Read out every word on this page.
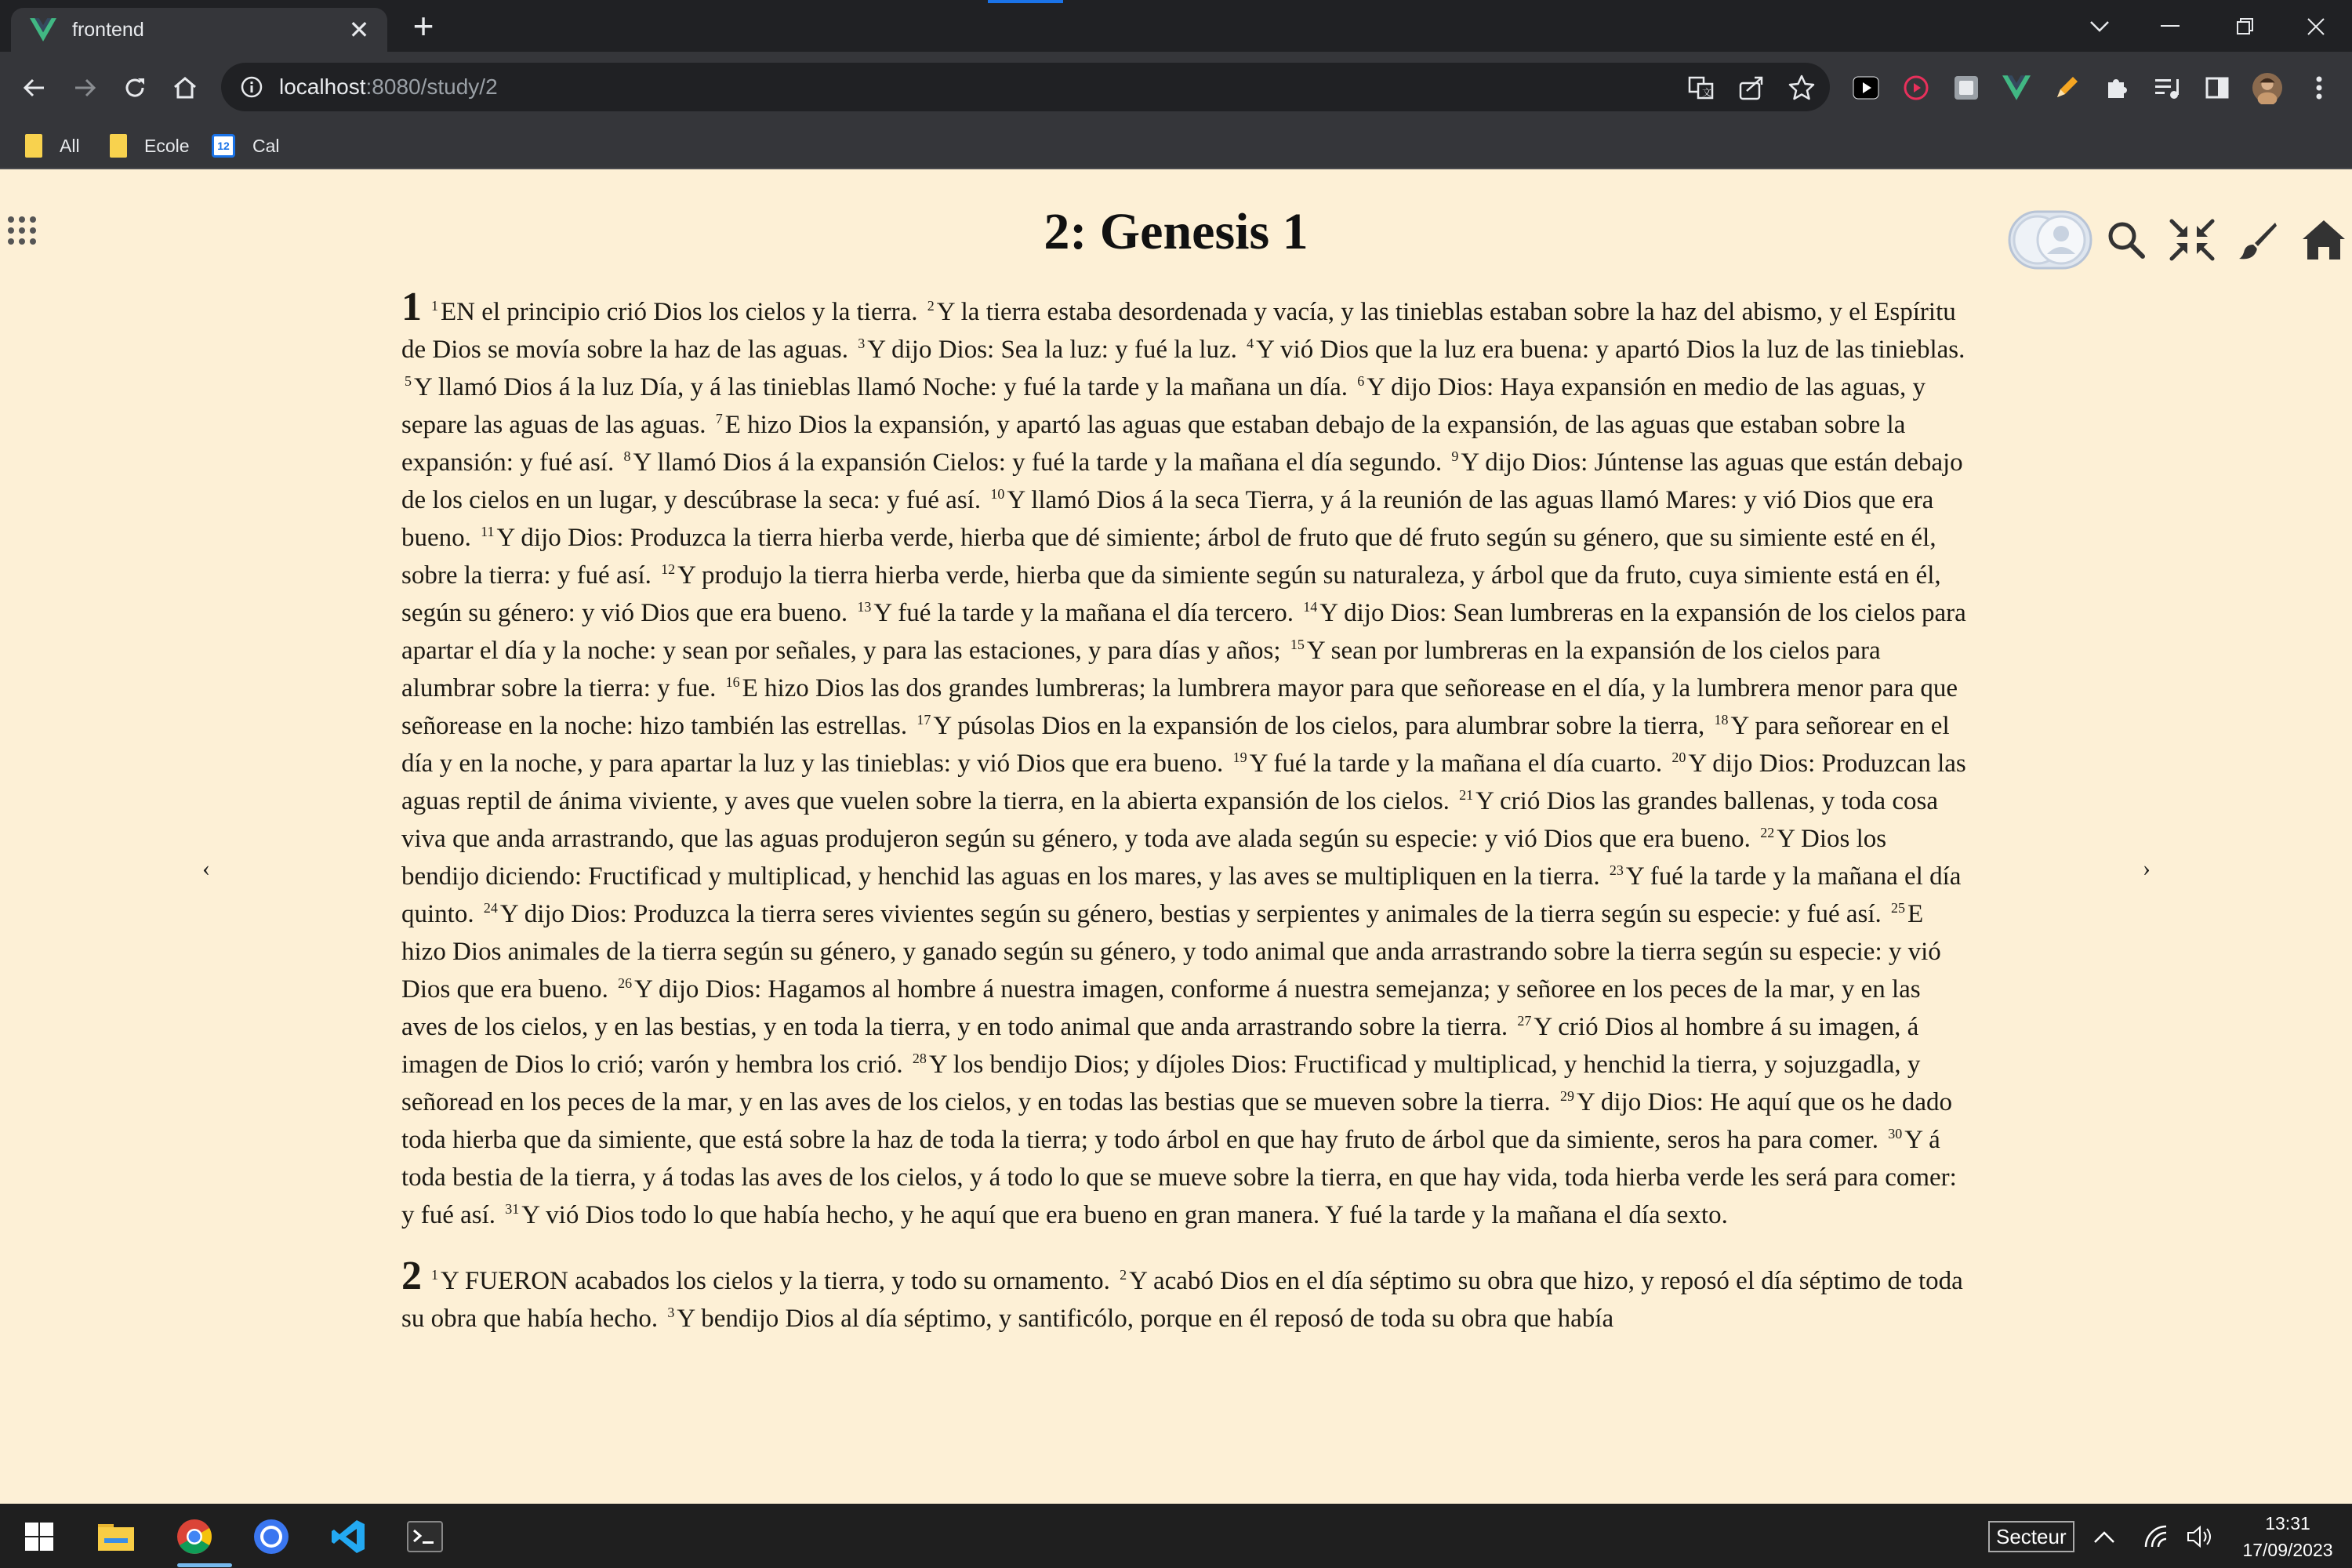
frontend	✕ +
localhost:8080/study/2	文
All	Ecole	12	Cal
2: Genesis 1
‹	›

1 $^1$EN el principio crió Dios los cielos y la tierra. $^2$Y la tierra estaba desordenada y vacía, y las tinieblas estaban sobre la haz del abismo, y el Espíritu de Dios se movía sobre la haz de las aguas. $^3$Y dijo Dios: Sea la luz: y fué la luz. $^4$Y vió Dios que la luz era buena: y apartó Dios la luz de las tinieblas. $^5$Y llamó Dios á la luz Día, y á las tinieblas llamó Noche: y fué la tarde y la mañana un día. $^6$Y dijo Dios: Haya expansión en medio de las aguas, y separe las aguas de las aguas. $^7$E hizo Dios la expansión, y apartó las aguas que estaban debajo de la expansión, de las aguas que estaban sobre la expansión: y fué así. $^8$Y llamó Dios á la expansión Cielos: y fué la tarde y la mañana el día segundo. $^9$Y dijo Dios: Júntense las aguas que están debajo de los cielos en un lugar, y descúbrase la seca: y fué así. $^{10}$Y llamó Dios á la seca Tierra, y á la reunión de las aguas llamó Mares: y vió Dios que era bueno. $^{11}$Y dijo Dios: Produzca la tierra hierba verde, hierba que dé simiente; árbol de fruto que dé fruto según su género, que su simiente esté en él, sobre la tierra: y fué así. $^{12}$Y produjo la tierra hierba verde, hierba que da simiente según su naturaleza, y árbol que da fruto, cuya simiente está en él, según su género: y vió Dios que era bueno. $^{13}$Y fué la tarde y la mañana el día tercero. $^{14}$Y dijo Dios: Sean lumbreras en la expansión de los cielos para apartar el día y la noche: y sean por señales, y para las estaciones, y para días y años; $^{15}$Y sean por lumbreras en la expansión de los cielos para alumbrar sobre la tierra: y fue. $^{16}$E hizo Dios las dos grandes lumbreras; la lumbrera mayor para que señorease en el día, y la lumbrera menor para que señorease en la noche: hizo también las estrellas. $^{17}$Y púsolas Dios en la expansión de los cielos, para alumbrar sobre la tierra, $^{18}$Y para señorear en el día y en la noche, y para apartar la luz y las tinieblas: y vió Dios que era bueno. $^{19}$Y fué la tarde y la mañana el día cuarto. $^{20}$Y dijo Dios: Produzcan las aguas reptil de ánima viviente, y aves que vuelen sobre la tierra, en la abierta expansión de los cielos. $^{21}$Y crió Dios las grandes ballenas, y toda cosa viva que anda arrastrando, que las aguas produjeron según su género, y toda ave alada según su especie: y vió Dios que era bueno. $^{22}$Y Dios los bendijo diciendo: Fructificad y multiplicad, y henchid las aguas en los mares, y las aves se multipliquen en la tierra. $^{23}$Y fué la tarde y la mañana el día quinto. $^{24}$Y dijo Dios: Produzca la tierra seres vivientes según su género, bestias y serpientes y animales de la tierra según su especie: y fué así. $^{25}$E hizo Dios animales de la tierra según su género, y ganado según su género, y todo animal que anda arrastrando sobre la tierra según su especie: y vió Dios que era bueno. $^{26}$Y dijo Dios: Hagamos al hombre á nuestra imagen, conforme á nuestra semejanza; y señoree en los peces de la mar, y en las aves de los cielos, y en las bestias, y en toda la tierra, y en todo animal que anda arrastrando sobre la tierra. $^{27}$Y crió Dios al hombre á su imagen, á imagen de Dios lo crió; varón y hembra los crió. $^{28}$Y los bendijo Dios; y díjoles Dios: Fructificad y multiplicad, y henchid la tierra, y sojuzgadla, y señoread en los peces de la mar, y en las aves de los cielos, y en todas las bestias que se mueven sobre la tierra. $^{29}$Y dijo Dios: He aquí que os he dado toda hierba que da simiente, que está sobre la haz de toda la tierra; y todo árbol en que hay fruto de árbol que da simiente, seros ha para comer. $^{30}$Y á toda bestia de la tierra, y á todas las aves de los cielos, y á todo lo que se mueve sobre la tierra, en que hay vida, toda hierba verde les será para comer: y fué así. $^{31}$Y vió Dios todo lo que había hecho, y he aquí que era bueno en gran manera. Y fué la tarde y la mañana el día sexto.

2 $^1$Y FUERON acabados los cielos y la tierra, y todo su ornamento. $^2$Y acabó Dios en el día séptimo su obra que hizo, y reposó el día séptimo de toda su obra que había hecho. $^3$Y bendijo Dios al día séptimo, y santificólo, porque en él reposó de toda su obra que había

Secteur
13:31
17/09/2023
